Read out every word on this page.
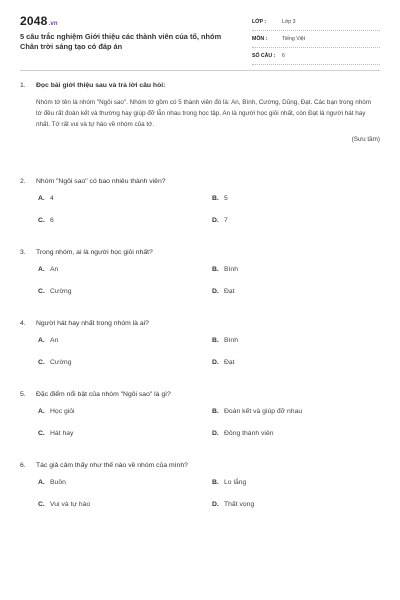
2048.vn
5 câu trắc nghiệm Giới thiệu các thành viên của tổ, nhóm Chân trời sáng tạo có đáp án
LỚP :	Lớp 3
MÔN :	Tiếng Việt
SỐ CÂU :	6
1.	Đọc bài giới thiệu sau và trả lời câu hỏi:
Nhóm tớ tên là nhóm "Ngôi sao". Nhóm tớ gồm có 5 thành viên đó là: An, Bình, Cường, Dũng, Đạt. Các bạn trong nhóm tớ đều rất đoàn kết và thường hay giúp đỡ lẫn nhau trong học tập. An là người học giỏi nhất, còn Đạt là người hát hay nhất. Tớ rất vui và tự hào về nhóm của tớ.
(Sưu tầm)
2.	Nhóm "Ngôi sao" có bao nhiêu thành viên?
A. 4	B. 5
C. 6	D. 7
3.	Trong nhóm, ai là người học giỏi nhất?
A. An	B. Bình
C. Cường	D. Đạt
4.	Người hát hay nhất trong nhóm là ai?
A. An	B. Bình
C. Cường	D. Đạt
5.	Đặc điểm nổi bật của nhóm "Ngôi sao" là gì?
A. Học giỏi	B. Đoàn kết và giúp đỡ nhau
C. Hát hay	D. Đông thành viên
6.	Tác giả cảm thấy như thế nào về nhóm của mình?
A. Buồn	B. Lo lắng
C. Vui và tự hào	D. Thất vọng
